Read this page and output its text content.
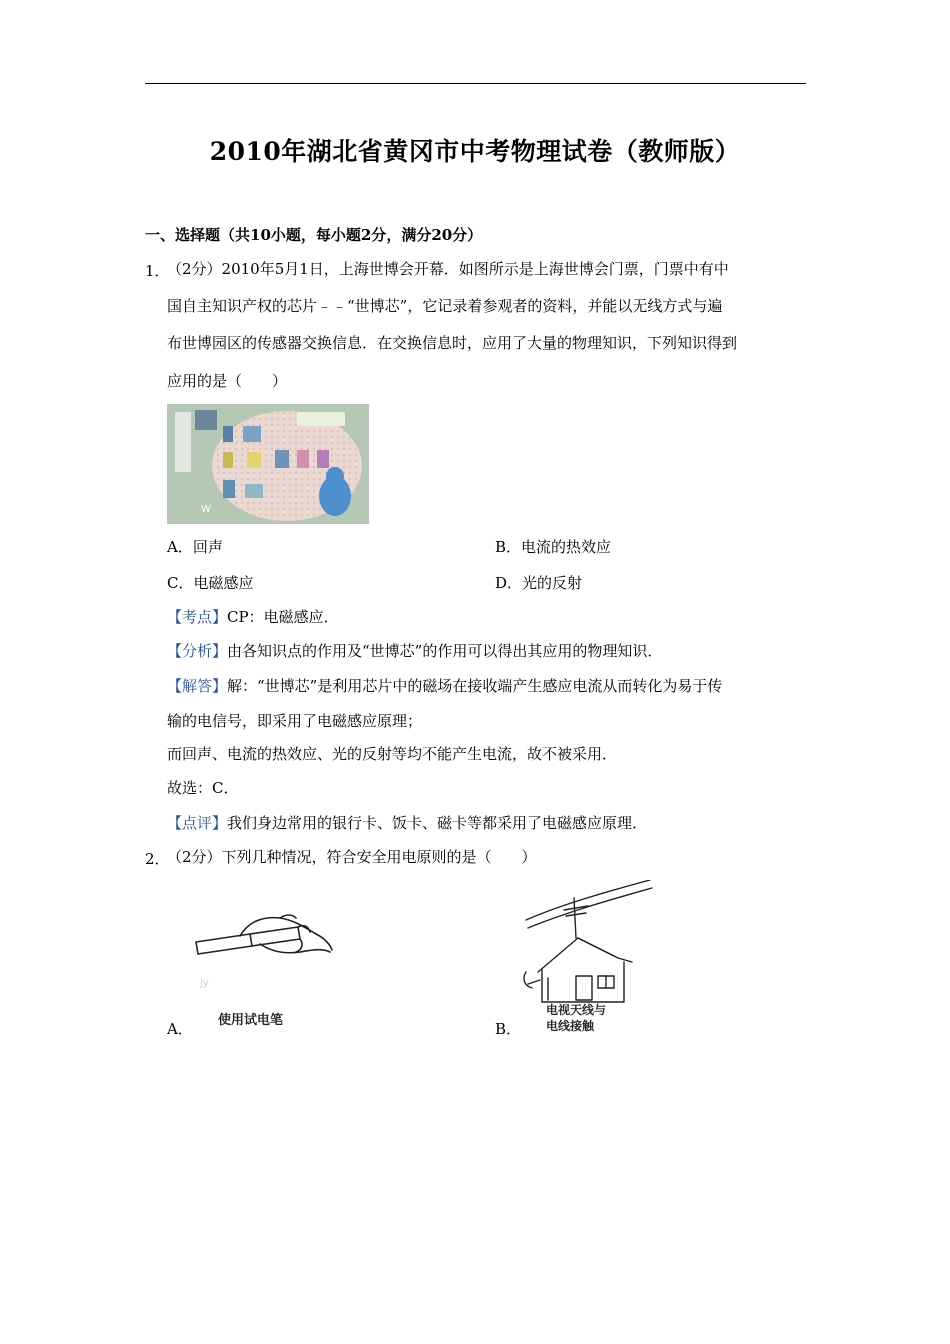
2010年湖北省黄冈市中考物理试卷（教师版）
一、选择题（共10小题，每小题2分，满分20分）
1．
（2分）2010年5月1日，上海世博会开幕．如图所示是上海世博会门票，门票中有中
国自主知识产权的芯片﹣﹣“世博芯”，它记录着参观者的资料，并能以无线方式与遍
布世博园区的传感器交换信息．在交换信息时，应用了大量的物理知识，下列知识得到
应用的是（　　）
W
A．回声	B．电流的热效应
C．电磁感应	D．光的反射
【考点】CP：电磁感应．
【分析】由各知识点的作用及“世博芯”的作用可以得出其应用的物理知识．
【解答】解：“世博芯”是利用芯片中的磁场在接收端产生感应电流从而转化为易于传
输的电信号，即采用了电磁感应原理；
而回声、电流的热效应、光的反射等均不能产生电流，故不被采用．
故选：C．
【点评】我们身边常用的银行卡、饭卡、磁卡等都采用了电磁感应原理．
2．
（2分）下列几种情况，符合安全用电原则的是（　　）
jy
使用试电笔
A．
电视天线与
电线接触
B．
